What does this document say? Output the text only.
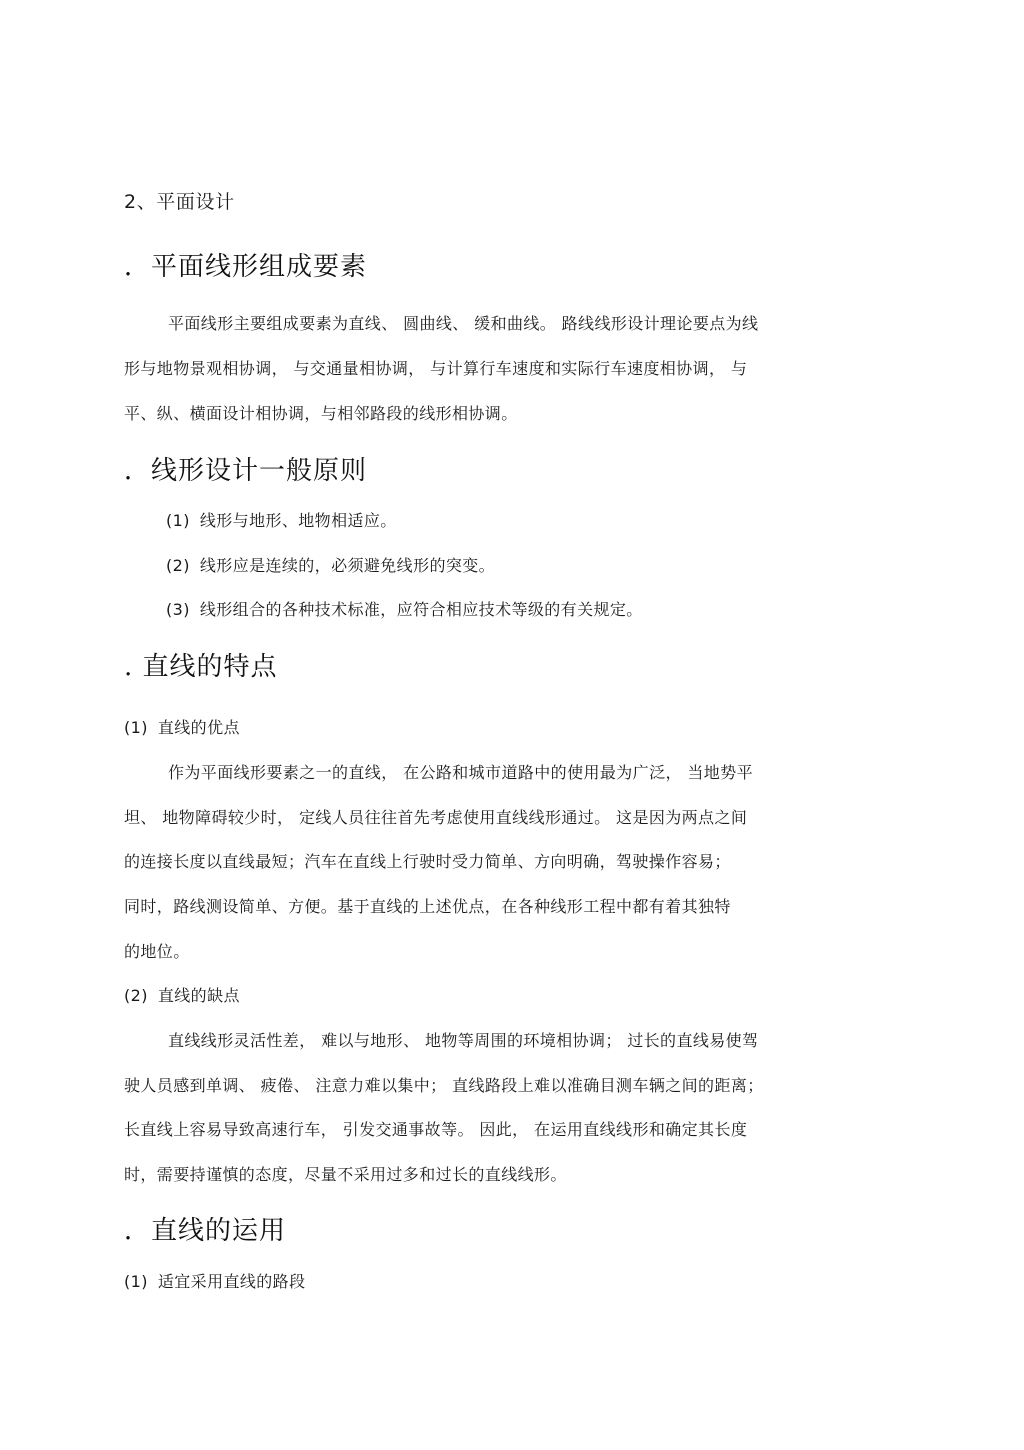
2、平面设计
．平面线形组成要素
平面线形主要组成要素为直线、 圆曲线、 缓和曲线。 路线线形设计理论要点为线
形与地物景观相协调， 与交通量相协调， 与计算行车速度和实际行车速度相协调， 与
平、纵、横面设计相协调，与相邻路段的线形相协调。
．线形设计一般原则
(1) 线形与地形、地物相适应。
(2) 线形应是连续的，必须避免线形的突变。
(3) 线形组合的各种技术标准，应符合相应技术等级的有关规定。
. 直线的特点
(1) 直线的优点
作为平面线形要素之一的直线， 在公路和城市道路中的使用最为广泛， 当地势平
坦、 地物障碍较少时， 定线人员往往首先考虑使用直线线形通过。 这是因为两点之间
的连接长度以直线最短；汽车在直线上行驶时受力简单、方向明确，驾驶操作容易；
同时，路线测设简单、方便。基于直线的上述优点，在各种线形工程中都有着其独特
的地位。
(2) 直线的缺点
直线线形灵活性差， 难以与地形、 地物等周围的环境相协调； 过长的直线易使驾
驶人员感到单调、 疲倦、 注意力难以集中； 直线路段上难以准确目测车辆之间的距离；
长直线上容易导致高速行车， 引发交通事故等。 因此， 在运用直线线形和确定其长度
时，需要持谨慎的态度，尽量不采用过多和过长的直线线形。
．直线的运用
(1) 适宜采用直线的路段
